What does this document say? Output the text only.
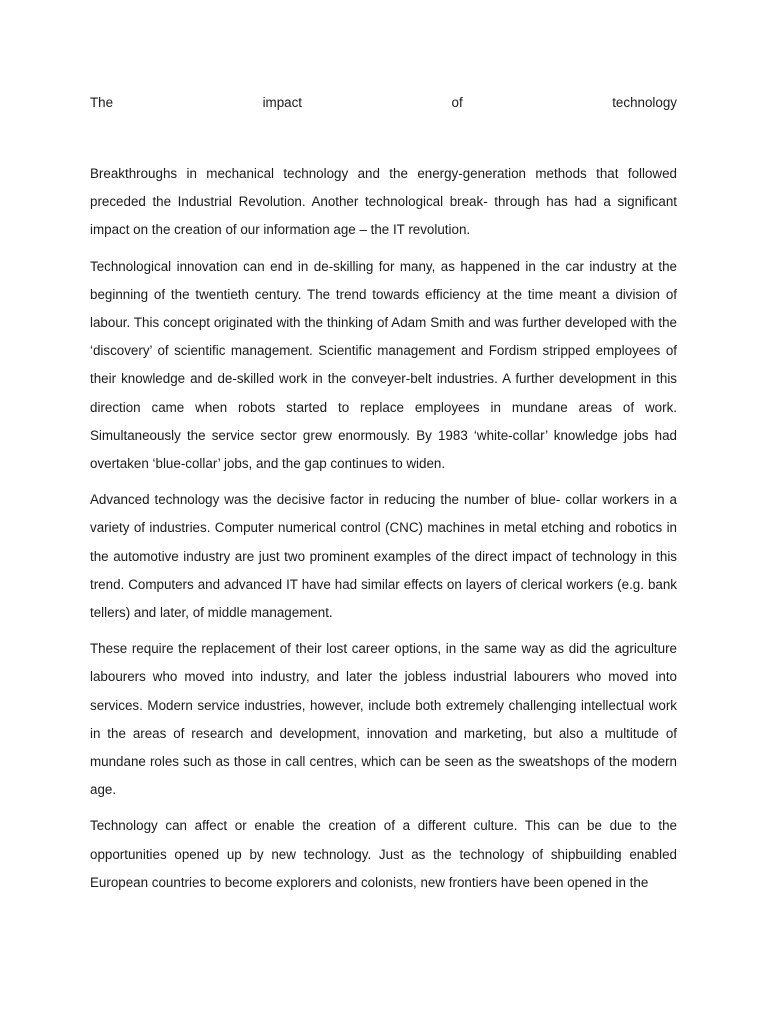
The	impact	of	technology

Breakthroughs in mechanical technology and the energy-generation methods that followed preceded the Industrial Revolution. Another technological break- through has had a significant impact on the creation of our information age – the IT revolution.

Technological innovation can end in de-skilling for many, as happened in the car industry at the beginning of the twentieth century. The trend towards efficiency at the time meant a division of labour. This concept originated with the thinking of Adam Smith and was further developed with the ‘discovery’ of scientific management. Scientific management and Fordism stripped employees of their knowledge and de-skilled work in the conveyer-belt industries. A further development in this direction came when robots started to replace employees in mundane areas of work. Simultaneously the service sector grew enormously. By 1983 ‘white-collar’ knowledge jobs had overtaken ‘blue-collar’ jobs, and the gap continues to widen.

Advanced technology was the decisive factor in reducing the number of blue- collar workers in a variety of industries. Computer numerical control (CNC) machines in metal etching and robotics in the automotive industry are just two prominent examples of the direct impact of technology in this trend. Computers and advanced IT have had similar effects on layers of clerical workers (e.g. bank tellers) and later, of middle management.

These require the replacement of their lost career options, in the same way as did the agriculture labourers who moved into industry, and later the jobless industrial labourers who moved into services. Modern service industries, however, include both extremely challenging intellectual work in the areas of research and development, innovation and marketing, but also a multitude of mundane roles such as those in call centres, which can be seen as the sweatshops of the modern age.

Technology can affect or enable the creation of a different culture. This can be due to the opportunities opened up by new technology. Just as the technology of shipbuilding enabled European countries to become explorers and colonists, new frontiers have been opened in the
